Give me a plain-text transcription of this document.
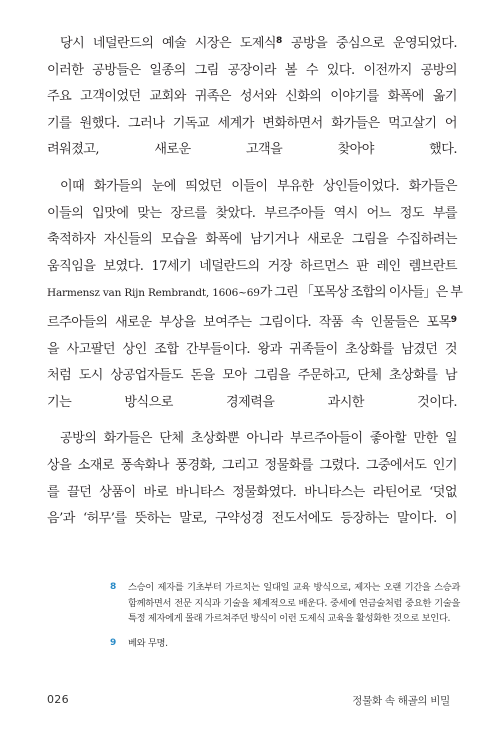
당시 네덜란드의 예술 시장은 도제식$^8$ 공방을 중심으로 운영되었다.
이러한 공방들은 일종의 그림 공장이라 볼 수 있다. 이전까지 공방의
주요 고객이었던 교회와 귀족은 성서와 신화의 이야기를 화폭에 옮기
기를 원했다. 그러나 기독교 세계가 변화하면서 화가들은 먹고살기 어
려워졌고, 새로운 고객을 찾아야 했다.
이때 화가들의 눈에 띄었던 이들이 부유한 상인들이었다. 화가들은
이들의 입맛에 맞는 장르를 찾았다. 부르주아들 역시 어느 정도 부를
축적하자 자신들의 모습을 화폭에 남기거나 새로운 그림을 수집하려는
움직임을 보였다. 17세기 네덜란드의 거장 하르먼스 판 레인 렘브란트
Harmensz van Rijn Rembrandt, 1606~69가 그린 「포목상 조합의 이사들」은 부
르주아들의 새로운 부상을 보여주는 그림이다. 작품 속 인물들은 포목$^9$
을 사고팔던 상인 조합 간부들이다. 왕과 귀족들이 초상화를 남겼던 것
처럼 도시 상공업자들도 돈을 모아 그림을 주문하고, 단체 초상화를 남
기는 방식으로 경제력을 과시한 것이다.
공방의 화가들은 단체 초상화뿐 아니라 부르주아들이 좋아할 만한 일
상을 소재로 풍속화나 풍경화, 그리고 정물화를 그렸다. 그중에서도 인기
를 끌던 상품이 바로 바니타스 정물화였다. 바니타스는 라틴어로 ‘덧없
음’과 ‘허무’를 뜻하는 말로, 구약성경 전도서에도 등장하는 말이다. 이
8 스승이 제자를 기초부터 가르치는 일대일 교육 방식으로, 제자는 오랜 기간을 스승과 함께하면서 전문 지식과 기술을 체계적으로 배운다. 중세에 연금술처럼 중요한 기술을 특정 제자에게 몰래 가르쳐주던 방식이 이런 도제식 교육을 활성화한 것으로 보인다.
9 베와 무명.
026	정물화 속 해골의 비밀
